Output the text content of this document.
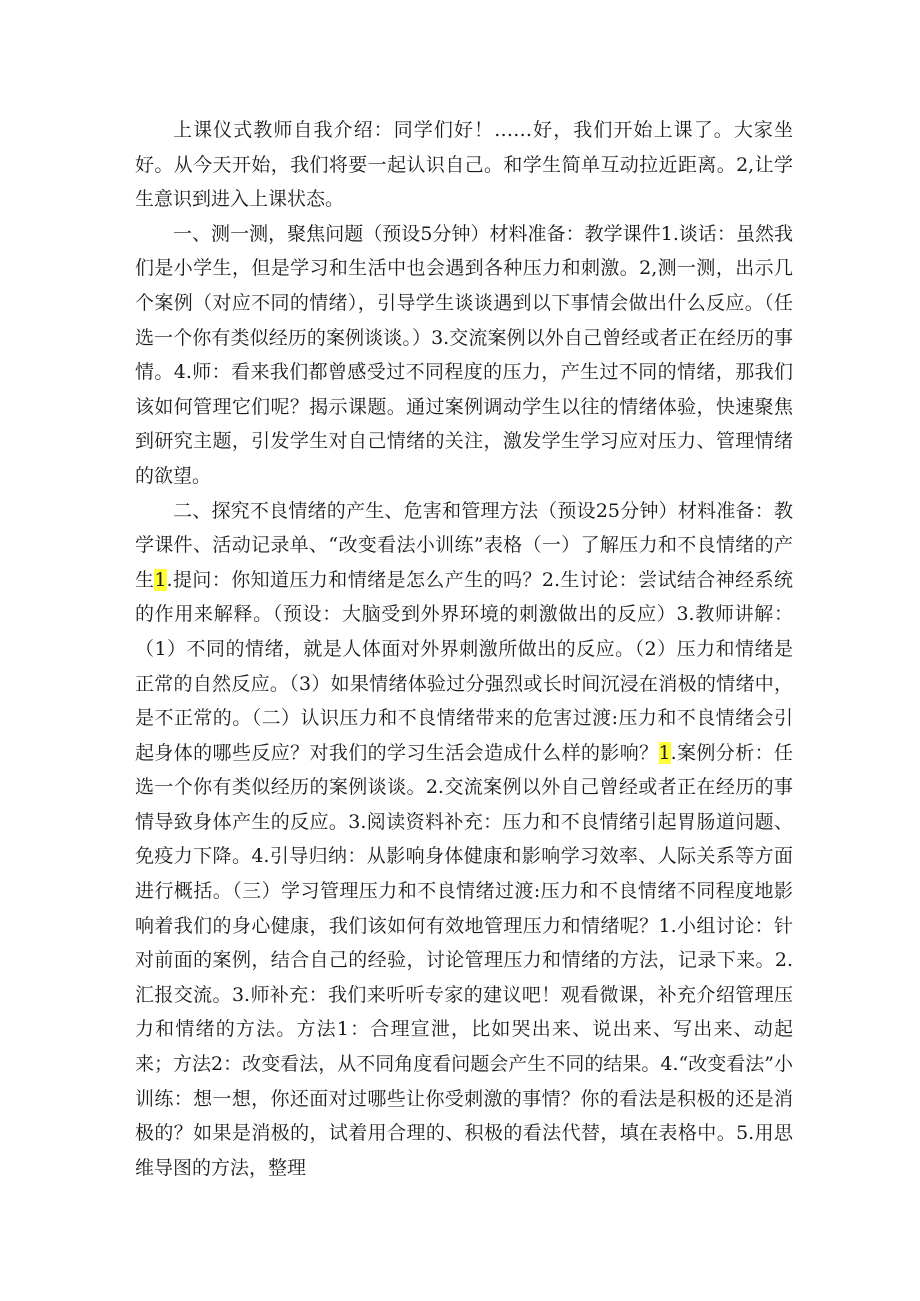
上课仪式教师自我介绍：同学们好！……好，我们开始上课了。大家坐好。从今天开始，我们将要一起认识自己。和学生简单互动拉近距离。2,让学生意识到进入上课状态。

一、测一测，聚焦问题（预设5分钟）材料准备：教学课件1.谈话：虽然我们是小学生，但是学习和生活中也会遇到各种压力和刺激。2,测一测，出示几个案例（对应不同的情绪），引导学生谈谈遇到以下事情会做出什么反应。（任选一个你有类似经历的案例谈谈。）3.交流案例以外自己曾经或者正在经历的事情。4.师：看来我们都曾感受过不同程度的压力，产生过不同的情绪，那我们该如何管理它们呢？揭示课题。通过案例调动学生以往的情绪体验，快速聚焦到研究主题，引发学生对自己情绪的关注，激发学生学习应对压力、管理情绪的欲望。

二、探究不良情绪的产生、危害和管理方法（预设25分钟）材料准备：教学课件、活动记录单、“改变看法小训练”表格（一）了解压力和不良情绪的产生1.提问：你知道压力和情绪是怎么产生的吗？2.生讨论：尝试结合神经系统的作用来解释。（预设：大脑受到外界环境的刺激做出的反应）3.教师讲解：（1）不同的情绪，就是人体面对外界刺激所做出的反应。（2）压力和情绪是正常的自然反应。（3）如果情绪体验过分强烈或长时间沉浸在消极的情绪中，是不正常的。（二）认识压力和不良情绪带来的危害过渡:压力和不良情绪会引起身体的哪些反应？对我们的学习生活会造成什么样的影响？1.案例分析：任选一个你有类似经历的案例谈谈。2.交流案例以外自己曾经或者正在经历的事情导致身体产生的反应。3.阅读资料补充：压力和不良情绪引起胃肠道问题、免疫力下降。4.引导归纳：从影响身体健康和影响学习效率、人际关系等方面进行概括。（三）学习管理压力和不良情绪过渡:压力和不良情绪不同程度地影响着我们的身心健康，我们该如何有效地管理压力和情绪呢？1.小组讨论：针对前面的案例，结合自己的经验，讨论管理压力和情绪的方法，记录下来。2.汇报交流。3.师补充：我们来听听专家的建议吧！观看微课，补充介绍管理压力和情绪的方法。方法1：合理宣泄，比如哭出来、说出来、写出来、动起来；方法2：改变看法，从不同角度看问题会产生不同的结果。4.“改变看法”小训练：想一想，你还面对过哪些让你受刺激的事情？你的看法是积极的还是消极的？如果是消极的，试着用合理的、积极的看法代替，填在表格中。5.用思维导图的方法，整理
